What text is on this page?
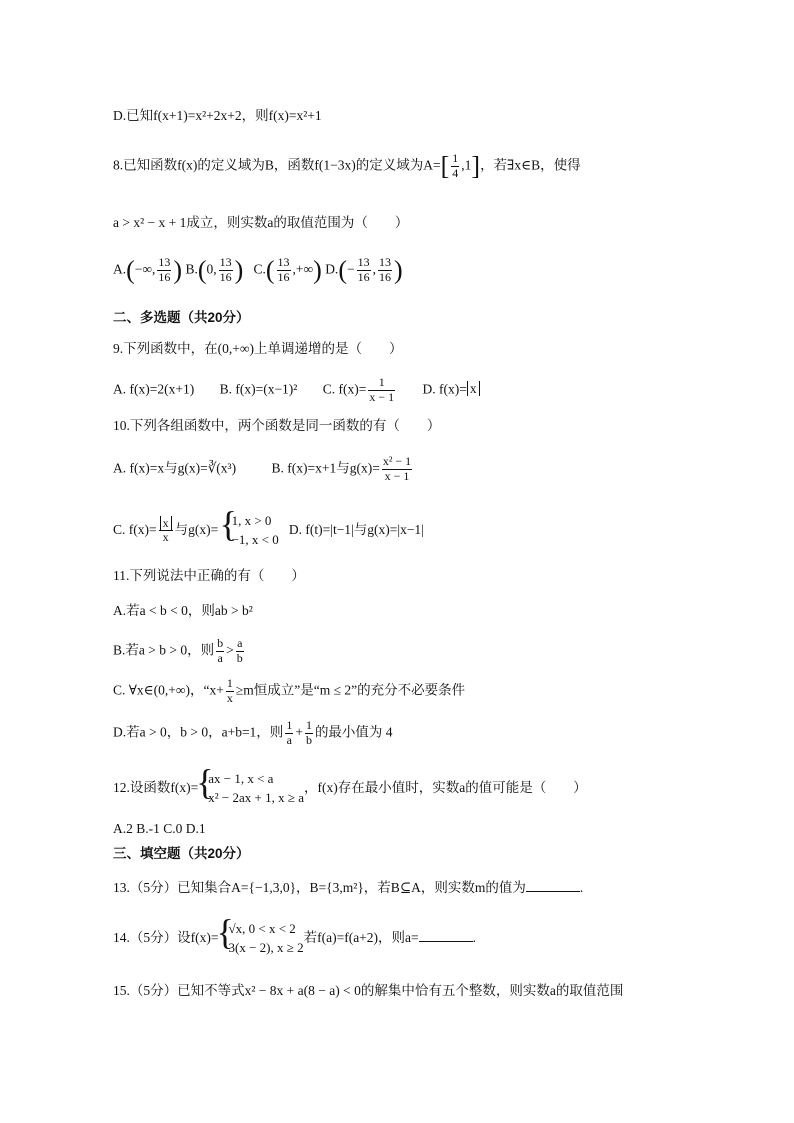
D.已知f(x+1)=x²+2x+2，则f(x)=x²+1
8.已知函数f(x)的定义域为B，函数f(1−3x)的定义域为$A=[ \frac{1}{4} ,1]$，若∃x∈B，使得
a > x² − x + 1成立，则实数a的取值范围为（　　）
A.(−∞, $\frac{13}{16}$ ) B.(0, $\frac{13}{16}$ ) $C.( \frac{13}{16}$ ,+∞) $D.(- \frac{13}{16}$ , $\frac{13}{16}$ )
二、多选题（共20分）
9.下列函数中，在(0,+∞)上单调递增的是（　　）
A. f(x)=2(x+1) B. f(x)=(x−1)² C. $f(x)= \frac{1}{x - 1} D$. f(x)= x
10.下列各组函数中，两个函数是同一函数的有（　　）
A. f(x)=x与g(x)=∛(x³)	B. f(x)=x+1与$g(x)= \frac{\text{x² − 1}}{x - 1}$
C. $f(x)= \frac{x}{x}$ 与g(x)=
{ 1, x > 0
−1, x < 0
D. f(t)=|t−1|与g(x)=|x−1|
11.下列说法中正确的有（　　）
A.若a < b < 0，则ab > b²
B.若a > b > 0，则 $\frac{b}{a} > \frac{a}{b}$
C. ∀x∈(0,+∞)，“$x+ \frac{1}{x} \ge m$恒成立”是“m ≤ 2”的充分不必要条件
D.若a > 0，b > 0，a+b=1，则 $\frac{1}{a} + \frac{1}{b}$ 的最小值为 4
12.设函数f(x)=
{ ax − 1, x < a
x² − 2ax + 1, x ≥ a
，f(x)存在最小值时，实数a的值可能是（　　）
A.2 B.-1 C.0 D.1
三、填空题（共20分）
13.（5分）已知集合A={−1,3,0}，B={3,m²}，若B⊆A，则实数m的值为	.
14.（5分）设f(x)=
{ √x, 0 < x < 2
3(x − 2), x ≥ 2
若f(a)=f(a+2)，则a=	.
15.（5分）已知不等式x² − 8x + a(8 − a) < 0的解集中恰有五个整数，则实数a的取值范围
